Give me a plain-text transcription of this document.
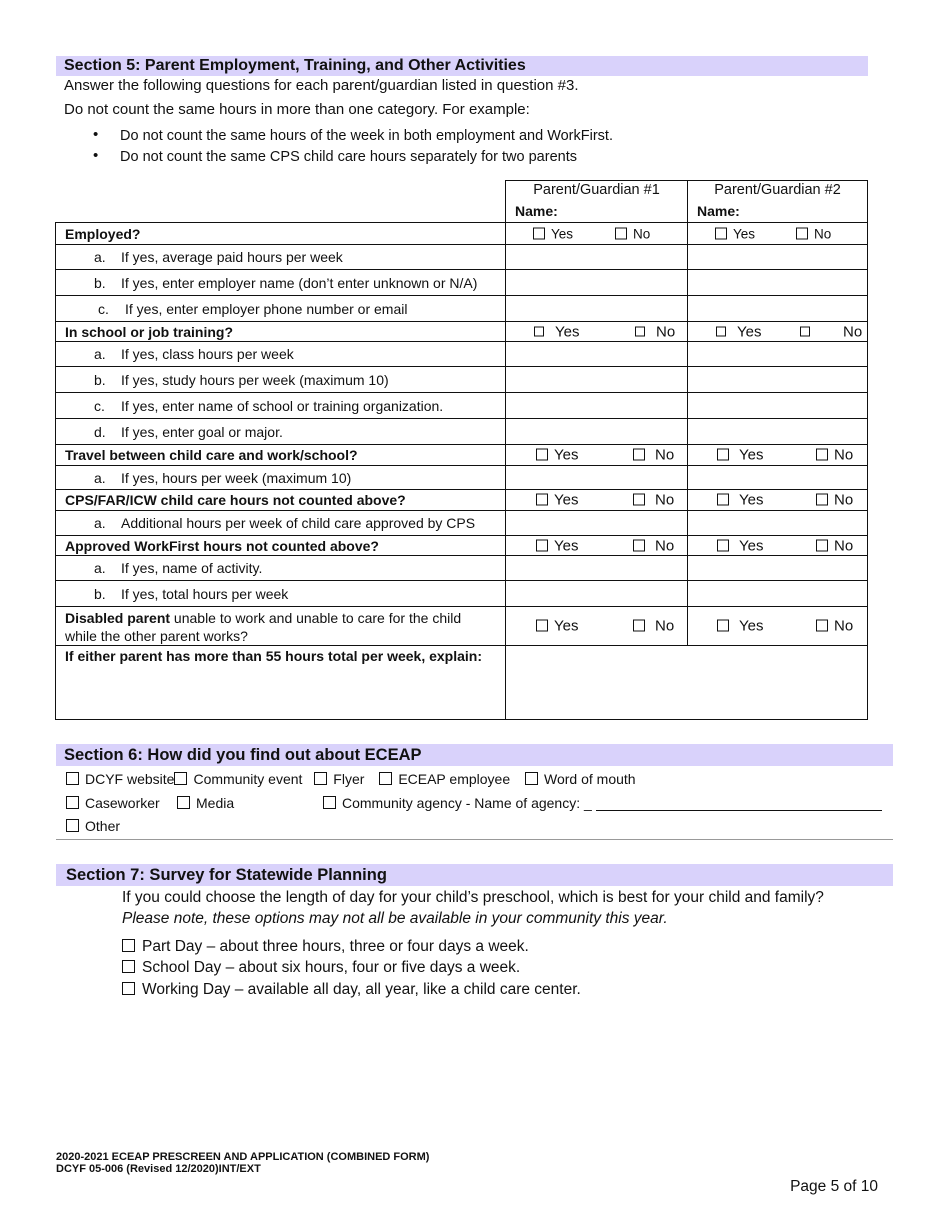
Section 5: Parent Employment, Training, and Other Activities
Answer the following questions for each parent/guardian listed in question #3.
Do not count the same hours in more than one category. For example:
• Do not count the same hours of the week in both employment and WorkFirst.
• Do not count the same CPS child care hours separately for two parents
Parent/Guardian #1
Name:
Parent/Guardian #2
Name:
Employed?	Yes	No	Yes	No
a.	If yes, average paid hours per week
b.	If yes, enter employer name (don’t enter unknown or N/A)
c.	If yes, enter employer phone number or email
In school or job training?	Yes	No	Yes	No
a.	If yes, class hours per week
b.	If yes, study hours per week (maximum 10)
c.	If yes, enter name of school or training organization.
d.	If yes, enter goal or major.
Travel between child care and work/school?	Yes	No	Yes	No
a.	If yes, hours per week (maximum 10)
CPS/FAR/ICW child care hours not counted above?	Yes	No	Yes	No
a.	Additional hours per week of child care approved by CPS
Approved WorkFirst hours not counted above?	Yes	No	Yes	No
a.	If yes, name of activity.
b.	If yes, total hours per week
Disabled parent unable to work and unable to care for the child
while the other parent works?
Yes	No	Yes	No
If either parent has more than 55 hours total per week, explain:
Section 6: How did you find out about ECEAP
DCYF website Community event Flyer ECEAP employee Word of mouth
Caseworker	Media	Community agency - Name of agency: _
Other
Section 7: Survey for Statewide Planning
If you could choose the length of day for your child’s preschool, which is best for your child and family?
Please note, these options may not all be available in your community this year.
Part Day – about three hours, three or four days a week.
School Day – about six hours, four or five days a week.
Working Day – available all day, all year, like a child care center.
2020-2021 ECEAP PRESCREEN AND APPLICATION (COMBINED FORM)
DCYF 05-006 (Revised 12/2020)INT/EXT
Page 5 of 10
